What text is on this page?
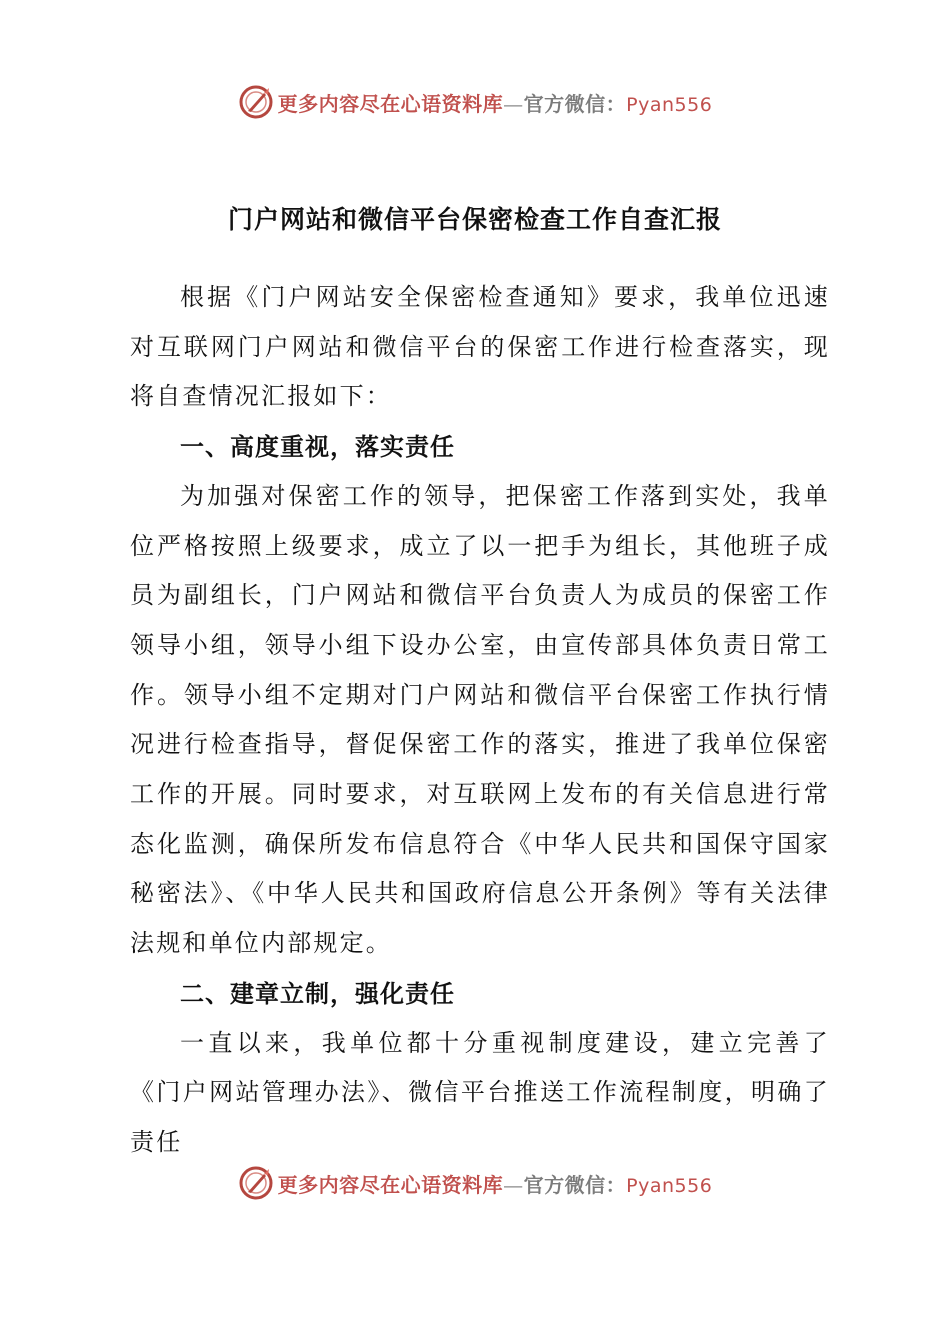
更多内容尽在心语资料库—官方微信：Pyan556
门户网站和微信平台保密检查工作自查汇报

根据《门户网站安全保密检查通知》要求，我单位迅速对互联网门户网站和微信平台的保密工作进行检查落实，现将自查情况汇报如下：

一、高度重视，落实责任

为加强对保密工作的领导，把保密工作落到实处，我单位严格按照上级要求，成立了以一把手为组长，其他班子成员为副组长，门户网站和微信平台负责人为成员的保密工作领导小组，领导小组下设办公室，由宣传部具体负责日常工作。领导小组不定期对门户网站和微信平台保密工作执行情况进行检查指导，督促保密工作的落实，推进了我单位保密工作的开展。同时要求，对互联网上发布的有关信息进行常态化监测，确保所发布信息符合《中华人民共和国保守国家秘密法》、《中华人民共和国政府信息公开条例》等有关法律法规和单位内部规定。

二、建章立制，强化责任

一直以来，我单位都十分重视制度建设，建立完善了《门户网站管理办法》、微信平台推送工作流程制度，明确了责任

更多内容尽在心语资料库—官方微信：Pyan556
